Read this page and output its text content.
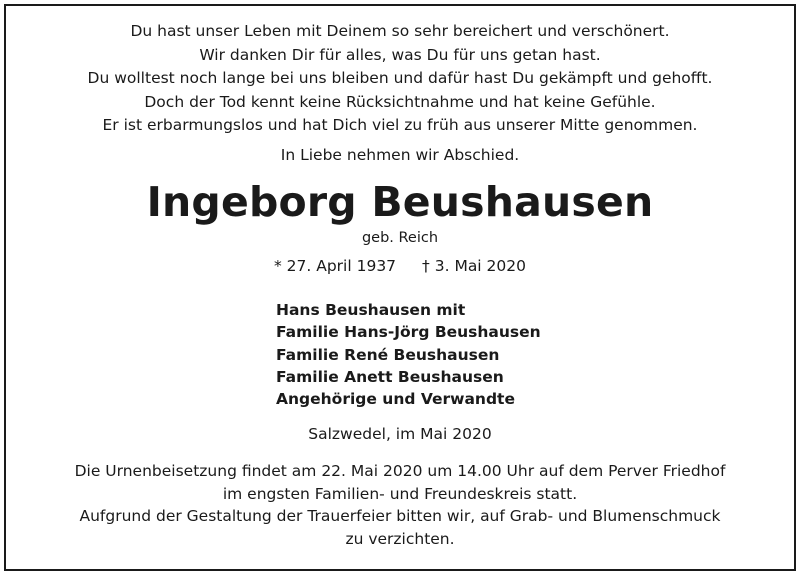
Du hast unser Leben mit Deinem so sehr bereichert und verschönert.
Wir danken Dir für alles, was Du für uns getan hast.
Du wolltest noch lange bei uns bleiben und dafür hast Du gekämpft und gehofft.
Doch der Tod kennt keine Rücksichtnahme und hat keine Gefühle.
Er ist erbarmungslos und hat Dich viel zu früh aus unserer Mitte genommen.
In Liebe nehmen wir Abschied.
Ingeborg Beushausen
geb. Reich
* 27. April 1937 † 3. Mai 2020
Hans Beushausen mit
Familie Hans-Jörg Beushausen
Familie René Beushausen
Familie Anett Beushausen
Angehörige und Verwandte
Salzwedel, im Mai 2020
Die Urnenbeisetzung findet am 22. Mai 2020 um 14.00 Uhr auf dem Perver Friedhof
im engsten Familien- und Freundeskreis statt.
Aufgrund der Gestaltung der Trauerfeier bitten wir, auf Grab- und Blumenschmuck
zu verzichten.
